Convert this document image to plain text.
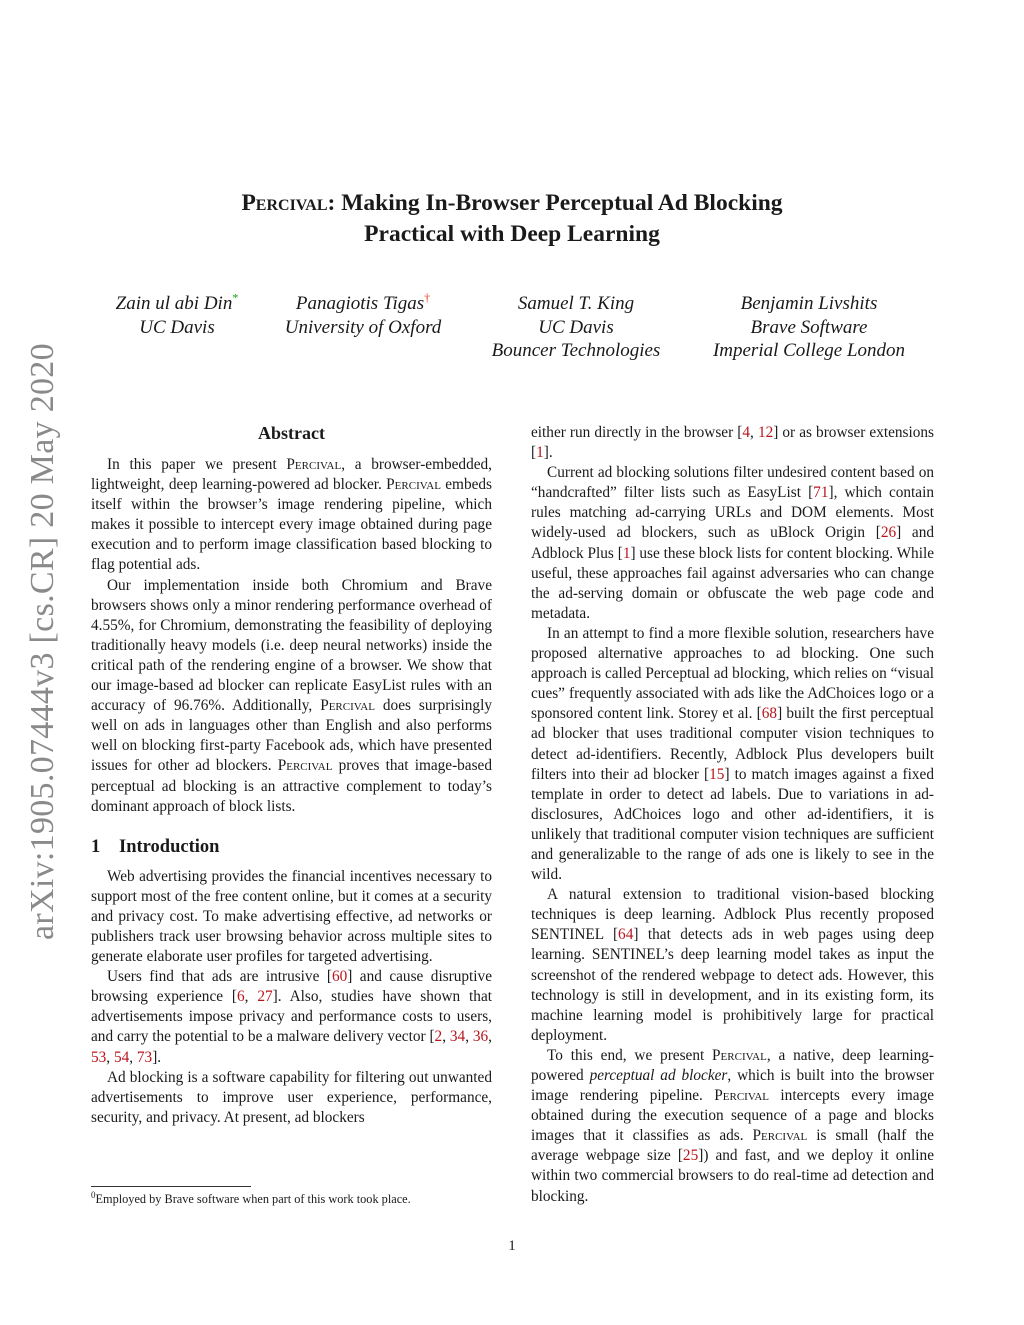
arXiv:1905.07444v3 [cs.CR] 20 May 2020
Percival: Making In-Browser Perceptual Ad Blocking
Practical with Deep Learning
Zain ul abi Din*
UC Davis
Panagiotis Tigas†
University of Oxford
Samuel T. King
UC Davis
Bouncer Technologies
Benjamin Livshits
Brave Software
Imperial College London
Abstract

In this paper we present Percival, a browser-embedded, lightweight, deep learning-powered ad blocker. Percival embeds itself within the browser’s image rendering pipeline, which makes it possible to intercept every image obtained during page execution and to perform image classification based blocking to flag potential ads.

Our implementation inside both Chromium and Brave browsers shows only a minor rendering performance overhead of 4.55%, for Chromium, demonstrating the feasibility of deploying traditionally heavy models (i.e. deep neural networks) inside the critical path of the rendering engine of a browser. We show that our image-based ad blocker can replicate EasyList rules with an accuracy of 96.76%. Additionally, Percival does surprisingly well on ads in languages other than English and also performs well on blocking first-party Facebook ads, which have presented issues for other ad blockers. Percival proves that image-based perceptual ad blocking is an attractive complement to today’s dominant approach of block lists.

1 Introduction

Web advertising provides the financial incentives necessary to support most of the free content online, but it comes at a security and privacy cost. To make advertising effective, ad networks or publishers track user browsing behavior across multiple sites to generate elaborate user profiles for targeted advertising.

Users find that ads are intrusive [60] and cause disruptive browsing experience [6, 27]. Also, studies have shown that advertisements impose privacy and performance costs to users, and carry the potential to be a malware delivery vector [2, 34, 36, 53, 54, 73].

Ad blocking is a software capability for filtering out unwanted advertisements to improve user experience, performance, security, and privacy. At present, ad blockers

either run directly in the browser [4, 12] or as browser extensions [1].

Current ad blocking solutions filter undesired content based on “handcrafted” filter lists such as EasyList [71], which contain rules matching ad-carrying URLs and DOM elements. Most widely-used ad blockers, such as uBlock Origin [26] and Adblock Plus [1] use these block lists for content blocking. While useful, these approaches fail against adversaries who can change the ad-serving domain or obfuscate the web page code and metadata.

In an attempt to find a more flexible solution, researchers have proposed alternative approaches to ad blocking. One such approach is called Perceptual ad blocking, which relies on “visual cues” frequently associated with ads like the AdChoices logo or a sponsored content link. Storey et al. [68] built the first perceptual ad blocker that uses traditional computer vision techniques to detect ad-identifiers. Recently, Adblock Plus developers built filters into their ad blocker [15] to match images against a fixed template in order to detect ad labels. Due to variations in ad-disclosures, AdChoices logo and other ad-identifiers, it is unlikely that traditional computer vision techniques are sufficient and generalizable to the range of ads one is likely to see in the wild.

A natural extension to traditional vision-based blocking techniques is deep learning. Adblock Plus recently proposed SENTINEL [64] that detects ads in web pages using deep learning. SENTINEL’s deep learning model takes as input the screenshot of the rendered webpage to detect ads. However, this technology is still in development, and in its existing form, its machine learning model is prohibitively large for practical deployment.

To this end, we present Percival, a native, deep learning-powered perceptual ad blocker, which is built into the browser image rendering pipeline. Percival intercepts every image obtained during the execution sequence of a page and blocks images that it classifies as ads. Percival is small (half the average webpage size [25]) and fast, and we deploy it online within two commercial browsers to do real-time ad detection and blocking.

$^0$Employed by Brave software when part of this work took place.
1
